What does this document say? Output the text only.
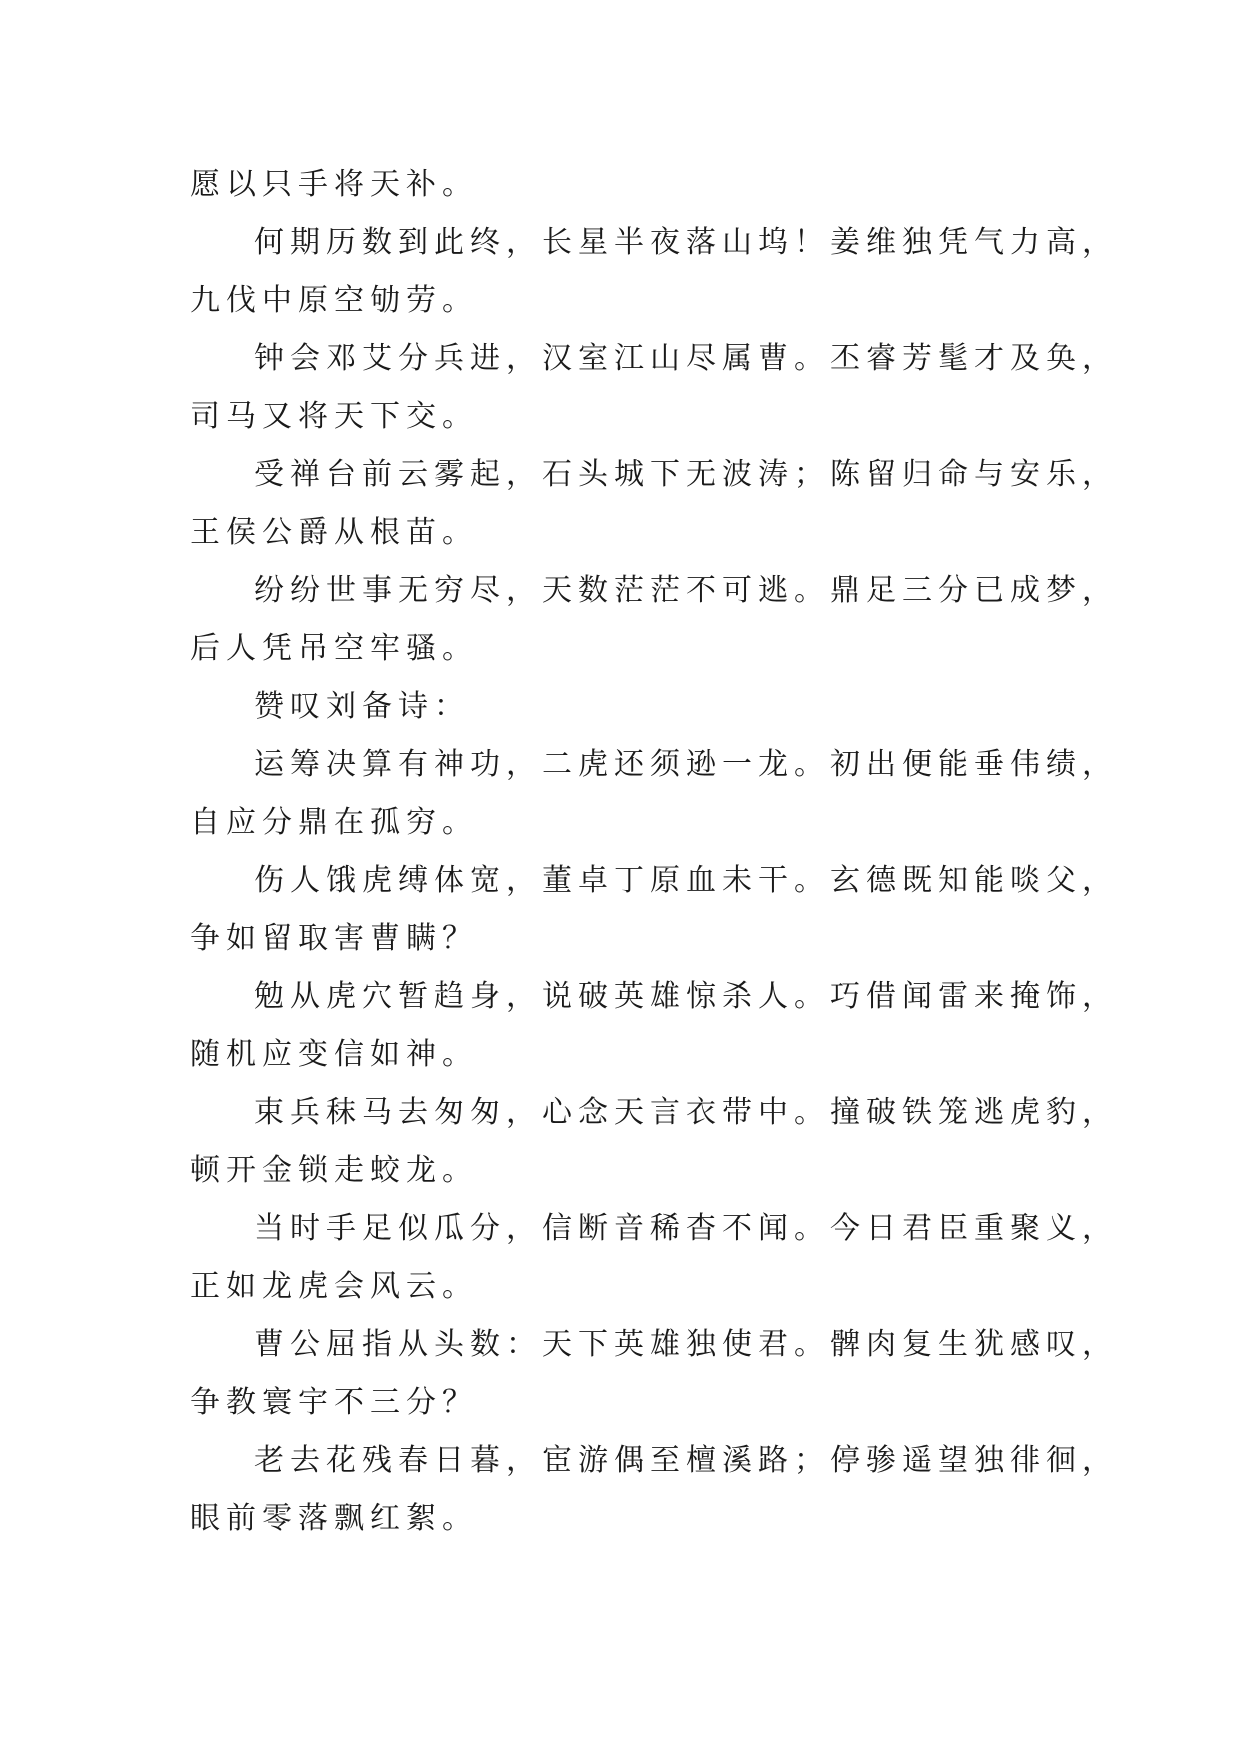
愿以只手将天补。
何期历数到此终，长星半夜落山坞！姜维独凭气力高，
九伐中原空劬劳。
钟会邓艾分兵进，汉室江山尽属曹。丕睿芳髦才及奂，
司马又将天下交。
受禅台前云雾起，石头城下无波涛；陈留归命与安乐，
王侯公爵从根苗。
纷纷世事无穷尽，天数茫茫不可逃。鼎足三分已成梦，
后人凭吊空牢骚。
赞叹刘备诗：
运筹决算有神功，二虎还须逊一龙。初出便能垂伟绩，
自应分鼎在孤穷。
伤人饿虎缚体宽，董卓丁原血未干。玄德既知能啖父，
争如留取害曹瞒？
勉从虎穴暂趋身，说破英雄惊杀人。巧借闻雷来掩饰，
随机应变信如神。
束兵秣马去匆匆，心念天言衣带中。撞破铁笼逃虎豹，
顿开金锁走蛟龙。
当时手足似瓜分，信断音稀杳不闻。今日君臣重聚义，
正如龙虎会风云。
曹公屈指从头数：天下英雄独使君。髀肉复生犹感叹，
争教寰宇不三分？
老去花残春日暮，宦游偶至檀溪路；停骖遥望独徘徊，
眼前零落飘红絮。
